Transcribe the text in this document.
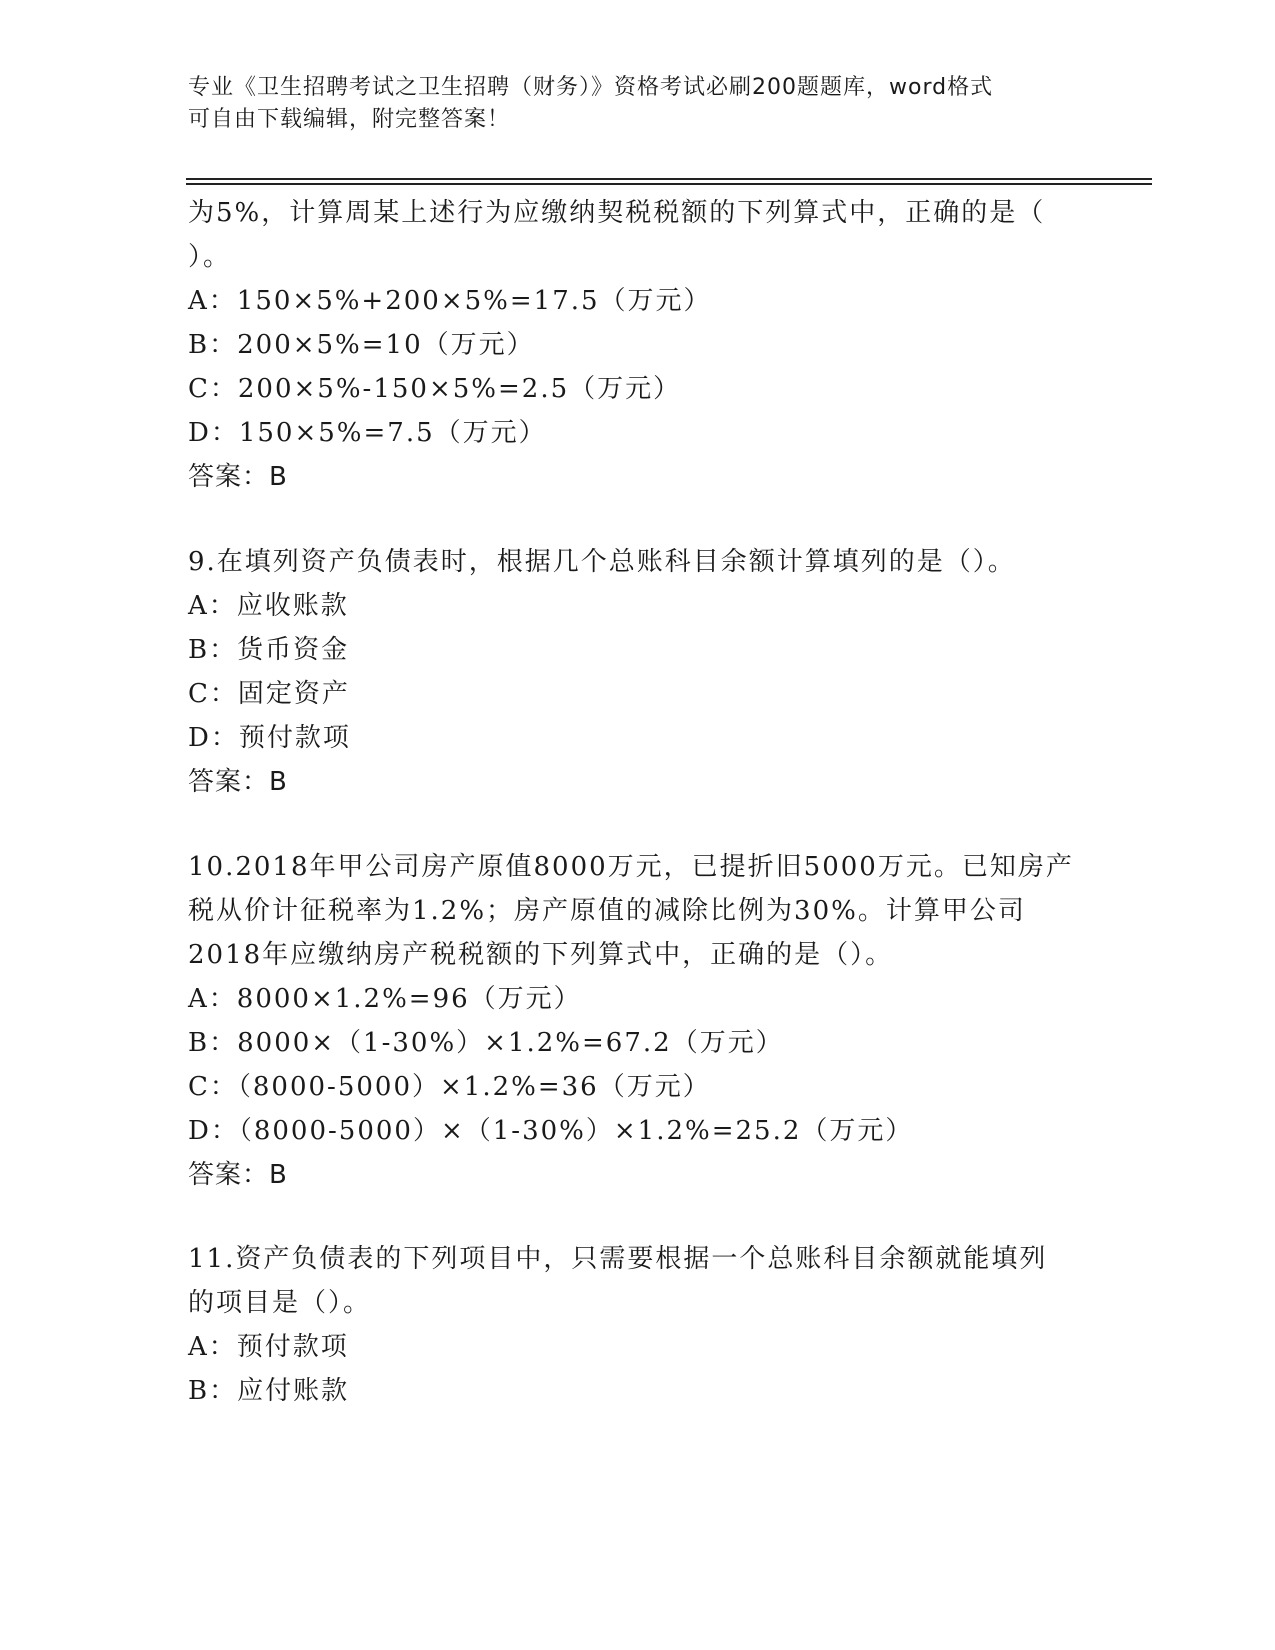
专业《卫生招聘考试之卫生招聘（财务）》资格考试必刷200题题库，word格式
可自由下载编辑，附完整答案！
为5%，计算周某上述行为应缴纳契税税额的下列算式中，正确的是（
）。
A：150×5%+200×5%=17.5（万元）
B：200×5%=10（万元）
C：200×5%-150×5%=2.5（万元）
D：150×5%=7.5（万元）
答案：B
9.在填列资产负债表时，根据几个总账科目余额计算填列的是（）。
A：应收账款
B：货币资金
C：固定资产
D：预付款项
答案：B
10.2018年甲公司房产原值8000万元，已提折旧5000万元。已知房产
税从价计征税率为1.2%；房产原值的减除比例为30%。计算甲公司
2018年应缴纳房产税税额的下列算式中，正确的是（）。
A：8000×1.2%=96（万元）
B：8000×（1-30%）×1.2%=67.2（万元）
C：（8000-5000）×1.2%=36（万元）
D：（8000-5000）×（1-30%）×1.2%=25.2（万元）
答案：B
11.资产负债表的下列项目中，只需要根据一个总账科目余额就能填列
的项目是（）。
A：预付款项
B：应付账款
